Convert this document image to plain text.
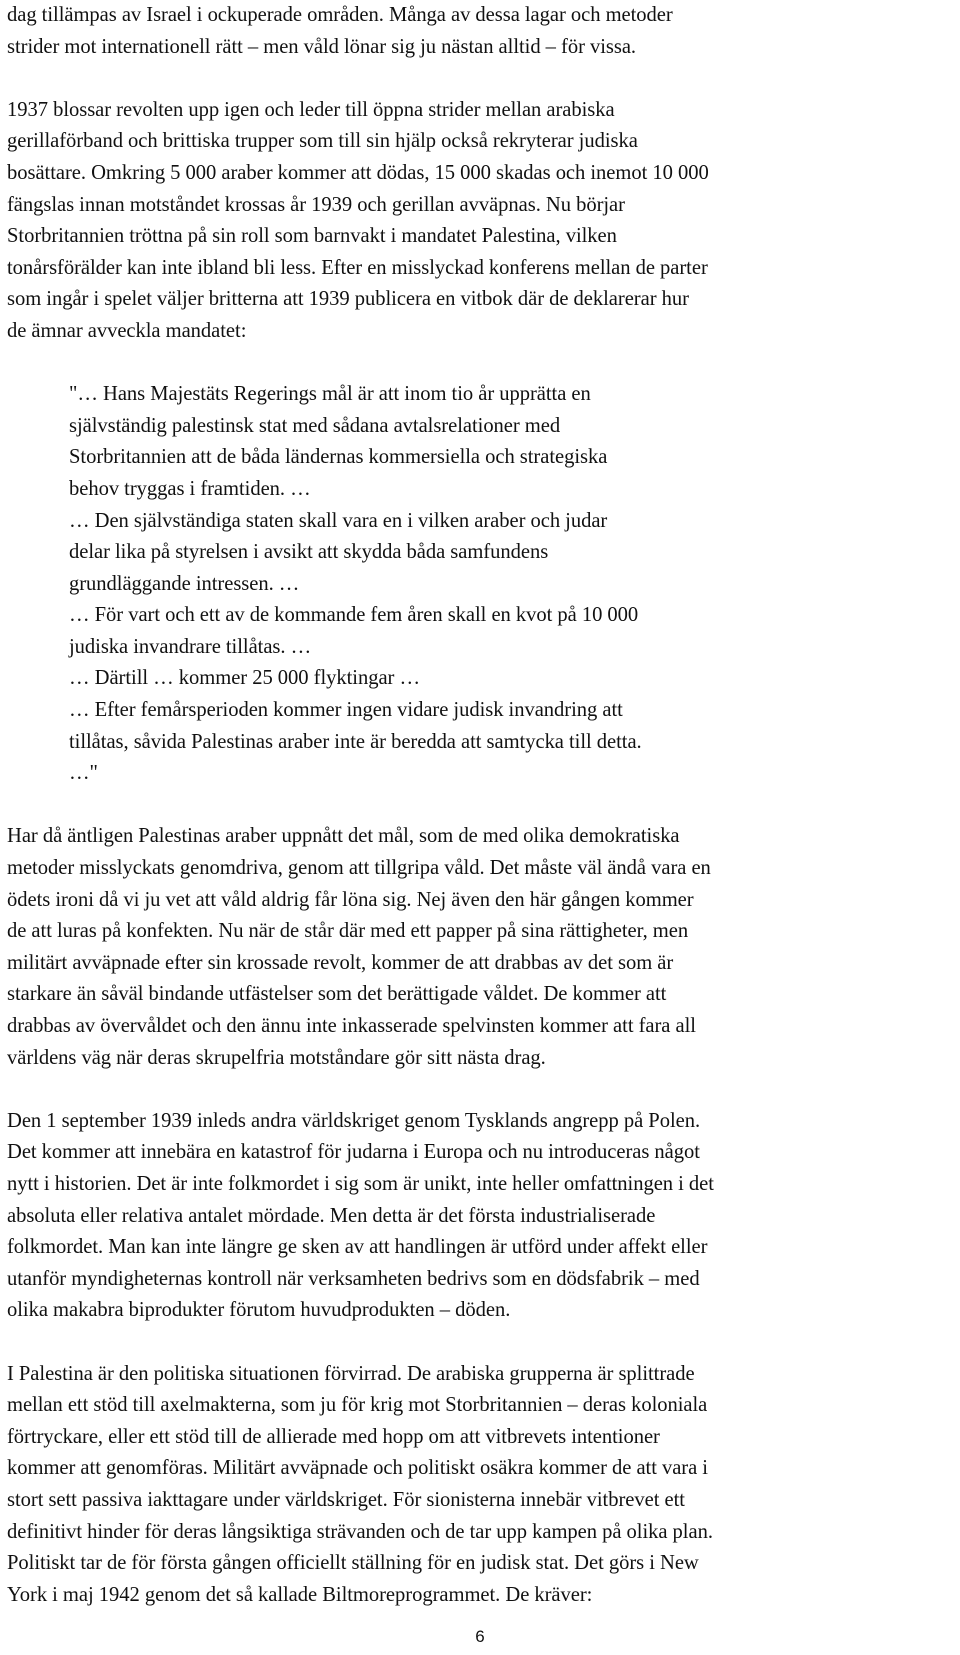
dag tillämpas av Israel i ockuperade områden. Många av dessa lagar och metoder
strider mot internationell rätt – men våld lönar sig ju nästan alltid – för vissa.
1937 blossar revolten upp igen och leder till öppna strider mellan arabiska
gerillaförband och brittiska trupper som till sin hjälp också rekryterar judiska
bosättare. Omkring 5 000 araber kommer att dödas, 15 000 skadas och inemot 10 000
fängslas innan motståndet krossas år 1939 och gerillan avväpnas. Nu börjar
Storbritannien tröttna på sin roll som barnvakt i mandatet Palestina, vilken
tonårsförälder kan inte ibland bli less. Efter en misslyckad konferens mellan de parter
som ingår i spelet väljer britterna att 1939 publicera en vitbok där de deklarerar hur
de ämnar avveckla mandatet:
"… Hans Majestäts Regerings mål är att inom tio år upprätta en
självständig palestinsk stat med sådana avtalsrelationer med
Storbritannien att de båda ländernas kommersiella och strategiska
behov tryggas i framtiden. …
… Den självständiga staten skall vara en i vilken araber och judar
delar lika på styrelsen i avsikt att skydda båda samfundens
grundläggande intressen. …
… För vart och ett av de kommande fem åren skall en kvot på 10 000
judiska invandrare tillåtas. …
… Därtill … kommer 25 000 flyktingar …
… Efter femårsperioden kommer ingen vidare judisk invandring att
tillåtas, såvida Palestinas araber inte är beredda att samtycka till detta.
…"
Har då äntligen Palestinas araber uppnått det mål, som de med olika demokratiska
metoder misslyckats genomdriva, genom att tillgripa våld. Det måste väl ändå vara en
ödets ironi då vi ju vet att våld aldrig får löna sig. Nej även den här gången kommer
de att luras på konfekten. Nu när de står där med ett papper på sina rättigheter, men
militärt avväpnade efter sin krossade revolt, kommer de att drabbas av det som är
starkare än såväl bindande utfästelser som det berättigade våldet. De kommer att
drabbas av övervåldet och den ännu inte inkasserade spelvinsten kommer att fara all
världens väg när deras skrupelfria motståndare gör sitt nästa drag.
Den 1 september 1939 inleds andra världskriget genom Tysklands angrepp på Polen.
Det kommer att innebära en katastrof för judarna i Europa och nu introduceras något
nytt i historien. Det är inte folkmordet i sig som är unikt, inte heller omfattningen i det
absoluta eller relativa antalet mördade. Men detta är det första industrialiserade
folkmordet. Man kan inte längre ge sken av att handlingen är utförd under affekt eller
utanför myndigheternas kontroll när verksamheten bedrivs som en dödsfabrik – med
olika makabra biprodukter förutom huvudprodukten – döden.
I Palestina är den politiska situationen förvirrad. De arabiska grupperna är splittrade
mellan ett stöd till axelmakterna, som ju för krig mot Storbritannien – deras koloniala
förtryckare, eller ett stöd till de allierade med hopp om att vitbrevets intentioner
kommer att genomföras. Militärt avväpnade och politiskt osäkra kommer de att vara i
stort sett passiva iakttagare under världskriget. För sionisterna innebär vitbrevet ett
definitivt hinder för deras långsiktiga strävanden och de tar upp kampen på olika plan.
Politiskt tar de för första gången officiellt ställning för en judisk stat. Det görs i New
York i maj 1942 genom det så kallade Biltmoreprogrammet. De kräver:
6
